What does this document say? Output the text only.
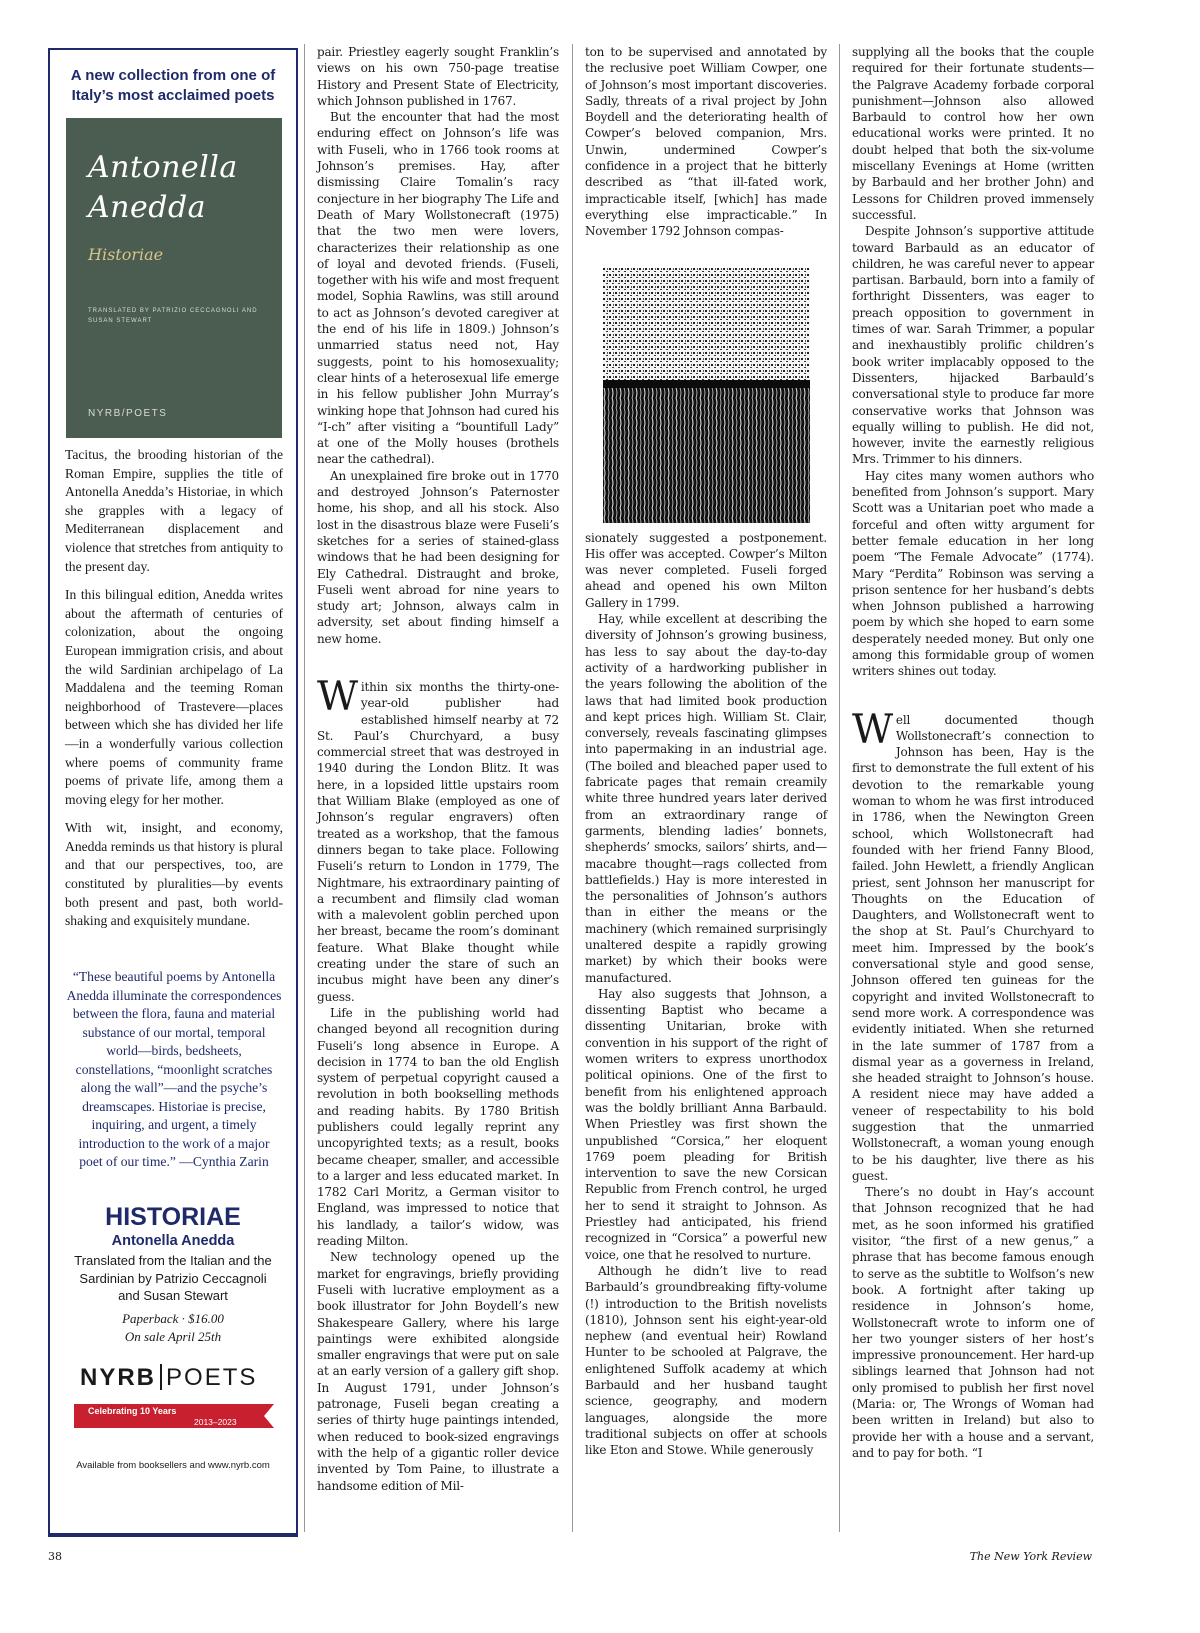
A new collection from one of Italy’s most acclaimed poets
Antonella
Anedda
Historiae
TRANSLATED BY PATRIZIO CECCAGNOLI AND SUSAN STEWART
NYRB/POETS

Tacitus, the brooding historian of the Roman Empire, supplies the title of Antonella Anedda’s Historiae, in which she grapples with a legacy of Mediterranean displacement and violence that stretches from antiquity to the present day.

In this bilingual edition, Anedda writes about the aftermath of centuries of colonization, about the ongoing European immigration crisis, and about the wild Sardinian archipelago of La Maddalena and the teeming Roman neighborhood of Trastevere—places between which she has divided her life—in a wonderfully various collection where poems of community frame poems of private life, among them a moving elegy for her mother.

With wit, insight, and economy, Anedda reminds us that history is plural and that our perspectives, too, are constituted by pluralities—by events both present and past, both world-shaking and exquisitely mundane.

“These beautiful poems by Antonella Anedda illuminate the correspondences between the flora, fauna and material substance of our mortal, temporal world—birds, bedsheets, constellations, “moonlight scratches along the wall”—and the psyche’s dreamscapes. Historiae is precise, inquiring, and urgent, a timely introduction to the work of a major poet of our time.” —Cynthia Zarin
HISTORIAE
Antonella Anedda
Translated from the Italian and the Sardinian by Patrizio Ceccagnoli and Susan Stewart
Paperback · $16.00
On sale April 25th
NYRB POETS
Celebrating 10 Years
2013–2023
Available from booksellers and www.nyrb.com

pair. Priestley eagerly sought Franklin’s views on his own 750-page treatise History and Present State of Electricity, which Johnson published in 1767.

But the encounter that had the most enduring effect on Johnson’s life was with Fuseli, who in 1766 took rooms at Johnson’s premises. Hay, after dismissing Claire Tomalin’s racy conjecture in her biography The Life and Death of Mary Wollstonecraft (1975) that the two men were lovers, characterizes their relationship as one of loyal and devoted friends. (Fuseli, together with his wife and most frequent model, Sophia Rawlins, was still around to act as Johnson’s devoted caregiver at the end of his life in 1809.) Johnson’s unmarried status need not, Hay suggests, point to his homosexuality; clear hints of a heterosexual life emerge in his fellow publisher John Murray’s winking hope that Johnson had cured his “I-ch” after visiting a “bountifull Lady” at one of the Molly houses (brothels near the cathedral).

An unexplained fire broke out in 1770 and destroyed Johnson’s Paternoster home, his shop, and all his stock. Also lost in the disastrous blaze were Fuseli’s sketches for a series of stained-glass windows that he had been designing for Ely Cathedral. Distraught and broke, Fuseli went abroad for nine years to study art; Johnson, always calm in adversity, set about finding himself a new home.

Within six months the thirty-one-year-old publisher had established himself nearby at 72 St. Paul’s Churchyard, a busy commercial street that was destroyed in 1940 during the London Blitz. It was here, in a lopsided little upstairs room that William Blake (employed as one of Johnson’s regular engravers) often treated as a workshop, that the famous dinners began to take place. Following Fuseli’s return to London in 1779, The Nightmare, his extraordinary painting of a recumbent and flimsily clad woman with a malevolent goblin perched upon her breast, became the room’s dominant feature. What Blake thought while creating under the stare of such an incubus might have been any diner’s guess.

Life in the publishing world had changed beyond all recognition during Fuseli’s long absence in Europe. A decision in 1774 to ban the old English system of perpetual copyright caused a revolution in both bookselling methods and reading habits. By 1780 British publishers could legally reprint any uncopyrighted texts; as a result, books became cheaper, smaller, and accessible to a larger and less educated market. In 1782 Carl Moritz, a German visitor to England, was impressed to notice that his landlady, a tailor’s widow, was reading Milton.

New technology opened up the market for engravings, briefly providing Fuseli with lucrative employment as a book illustrator for John Boydell’s new Shakespeare Gallery, where his large paintings were exhibited alongside smaller engravings that were put on sale at an early version of a gallery gift shop. In August 1791, under Johnson’s patronage, Fuseli began creating a series of thirty huge paintings intended, when reduced to book-sized engravings with the help of a gigantic roller device invented by Tom Paine, to illustrate a handsome edition of Mil-

ton to be supervised and annotated by the reclusive poet William Cowper, one of Johnson’s most important discoveries. Sadly, threats of a rival project by John Boydell and the deteriorating health of Cowper’s beloved companion, Mrs. Unwin, undermined Cowper’s confidence in a project that he bitterly described as “that ill-fated work, impracticable itself, [which] has made everything else impracticable.” In November 1792 Johnson compas-

sionately suggested a postponement. His offer was accepted. Cowper’s Milton was never completed. Fuseli forged ahead and opened his own Milton Gallery in 1799.

Hay, while excellent at describing the diversity of Johnson’s growing business, has less to say about the day-to-day activity of a hardworking publisher in the years following the abolition of the laws that had limited book production and kept prices high. William St. Clair, conversely, reveals fascinating glimpses into papermaking in an industrial age. (The boiled and bleached paper used to fabricate pages that remain creamily white three hundred years later derived from an extraordinary range of garments, blending ladies’ bonnets, shepherds’ smocks, sailors’ shirts, and—macabre thought—rags collected from battlefields.) Hay is more interested in the personalities of Johnson’s authors than in either the means or the machinery (which remained surprisingly unaltered despite a rapidly growing market) by which their books were manufactured.

Hay also suggests that Johnson, a dissenting Baptist who became a dissenting Unitarian, broke with convention in his support of the right of women writers to express unorthodox political opinions. One of the first to benefit from his enlightened approach was the boldly brilliant Anna Barbauld. When Priestley was first shown the unpublished “Corsica,” her eloquent 1769 poem pleading for British intervention to save the new Corsican Republic from French control, he urged her to send it straight to Johnson. As Priestley had anticipated, his friend recognized in “Corsica” a powerful new voice, one that he resolved to nurture.

Although he didn’t live to read Barbauld’s groundbreaking fifty-volume (!) introduction to the British novelists (1810), Johnson sent his eight-year-old nephew (and eventual heir) Rowland Hunter to be schooled at Palgrave, the enlightened Suffolk academy at which Barbauld and her husband taught science, geography, and modern languages, alongside the more traditional subjects on offer at schools like Eton and Stowe. While generously

supplying all the books that the couple required for their fortunate students—the Palgrave Academy forbade corporal punishment—Johnson also allowed Barbauld to control how her own educational works were printed. It no doubt helped that both the six-volume miscellany Evenings at Home (written by Barbauld and her brother John) and Lessons for Children proved immensely successful.

Despite Johnson’s supportive attitude toward Barbauld as an educator of children, he was careful never to appear partisan. Barbauld, born into a family of forthright Dissenters, was eager to preach opposition to government in times of war. Sarah Trimmer, a popular and inexhaustibly prolific children’s book writer implacably opposed to the Dissenters, hijacked Barbauld’s conversational style to produce far more conservative works that Johnson was equally willing to publish. He did not, however, invite the earnestly religious Mrs. Trimmer to his dinners.

Hay cites many women authors who benefited from Johnson’s support. Mary Scott was a Unitarian poet who made a forceful and often witty argument for better female education in her long poem “The Female Advocate” (1774). Mary “Perdita” Robinson was serving a prison sentence for her husband’s debts when Johnson published a harrowing poem by which she hoped to earn some desperately needed money. But only one among this formidable group of women writers shines out today.

Well documented though Wollstonecraft’s connection to Johnson has been, Hay is the first to demonstrate the full extent of his devotion to the remarkable young woman to whom he was first introduced in 1786, when the Newington Green school, which Wollstonecraft had founded with her friend Fanny Blood, failed. John Hewlett, a friendly Anglican priest, sent Johnson her manuscript for Thoughts on the Education of Daughters, and Wollstonecraft went to the shop at St. Paul’s Churchyard to meet him. Impressed by the book’s conversational style and good sense, Johnson offered ten guineas for the copyright and invited Wollstonecraft to send more work. A correspondence was evidently initiated. When she returned in the late summer of 1787 from a dismal year as a governess in Ireland, she headed straight to Johnson’s house. A resident niece may have added a veneer of respectability to his bold suggestion that the unmarried Wollstonecraft, a woman young enough to be his daughter, live there as his guest.

There’s no doubt in Hay’s account that Johnson recognized that he had met, as he soon informed his gratified visitor, “the first of a new genus,” a phrase that has become famous enough to serve as the subtitle to Wolfson’s new book. A fortnight after taking up residence in Johnson’s home, Wollstonecraft wrote to inform one of her two younger sisters of her host’s impressive pronouncement. Her hard-up siblings learned that Johnson had not only promised to publish her first novel (Maria: or, The Wrongs of Woman had been written in Ireland) but also to provide her with a house and a servant, and to pay for both. “I

38	The New York Review
